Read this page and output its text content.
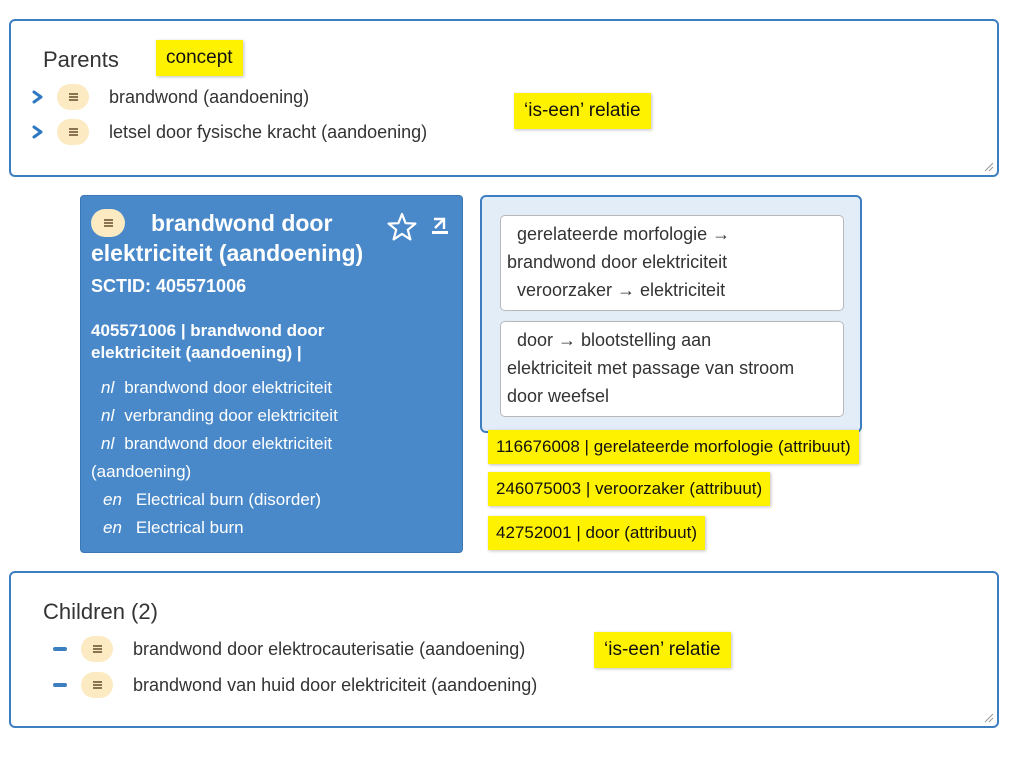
Parents
brandwond (aandoening)
letsel door fysische kracht (aandoening)
concept
‘is-een’ relatie
brandwond door
elektriciteit (aandoening)
SCTID: 405571006
405571006 | brandwond door
elektriciteit (aandoening) |
nl brandwond door elektriciteit
nl verbranding door elektriciteit
nl brandwond door elektriciteit
(aandoening)
en Electrical burn (disorder)
en Electrical burn
gerelateerde morfologie →
brandwond door elektriciteit
veroorzaker → elektriciteit
door → blootstelling aan
elektriciteit met passage van stroom
door weefsel
116676008 | gerelateerde morfologie (attribuut)
246075003 | veroorzaker (attribuut)
42752001 | door (attribuut)
Children (2)
brandwond door elektrocauterisatie (aandoening)
brandwond van huid door elektriciteit (aandoening)
‘is-een’ relatie
